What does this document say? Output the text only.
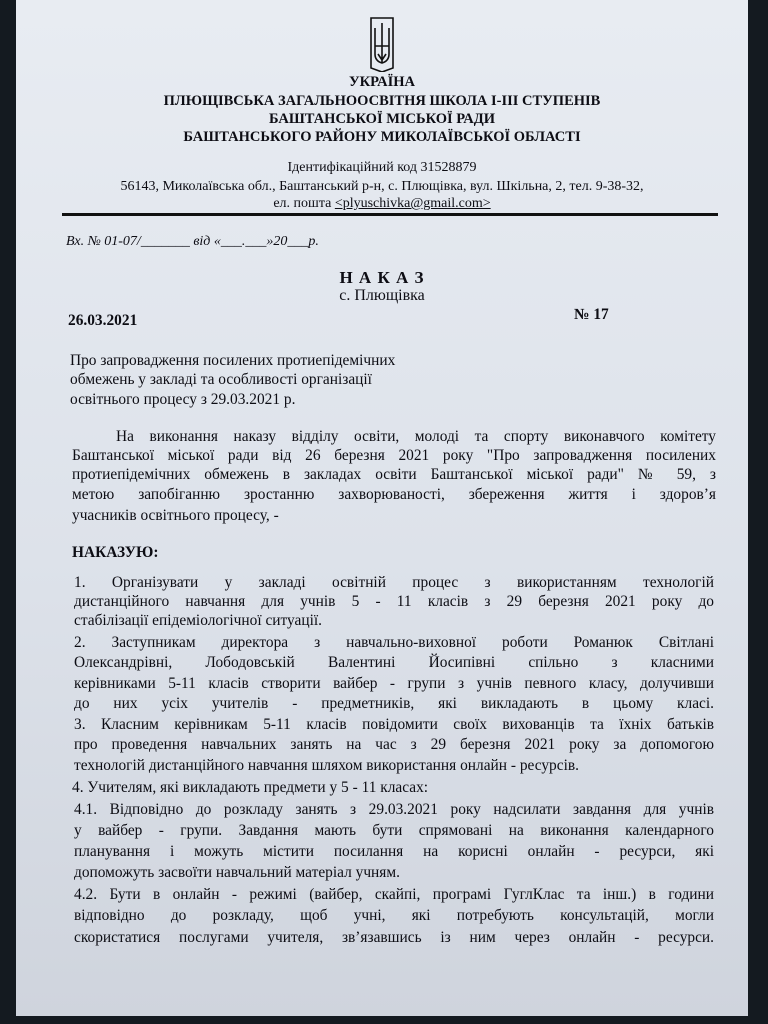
УКРАЇНА
ПЛЮЩІВСЬКА ЗАГАЛЬНООСВІТНЯ ШКОЛА І-ІІІ СТУПЕНІВ
БАШТАНСЬКОЇ МІСЬКОЇ РАДИ
БАШТАНСЬКОГО РАЙОНУ МИКОЛАЇВСЬКОЇ ОБЛАСТІ
Ідентифікаційний код 31528879
56143, Миколаївська обл., Баштанський р-н, с. Плющівка, вул. Шкільна, 2, тел. 9-38-32,
ел. пошта <plyuschivka@gmail.com>
Вх. № 01-07/_______ від «___.___»20___р.
Н А К А З
с. Плющівка
26.03.2021	№ 17
Про запровадження посилених протиепідемічних
обмежень у закладі та особливості організації
освітнього процесу з 29.03.2021 р.
На виконання наказу відділу освіти, молоді та спорту виконавчого комітету
Баштанської міської ради від 26 березня 2021 року "Про запровадження посилених
протиепідемічних обмежень в закладах освіти Баштанської міської ради" № 59, з
метою запобіганню зростанню захворюваності, збереження життя і здоров’я
учасників освітнього процесу, -
НАКАЗУЮ:
1. Організувати у закладі освітній процес з використанням технологій
дистанційного навчання для учнів 5 - 11 класів з 29 березня 2021 року до
стабілізації епідеміологічної ситуації.
2. Заступникам директора з навчально-виховної роботи Романюк Світлані
Олександрівні, Лободовській Валентині Йосипівні спільно з класними
керівниками 5-11 класів створити вайбер - групи з учнів певного класу, долучивши
до них усіх учителів - предметників, які викладають в цьому класі.
3. Класним керівникам 5-11 класів повідомити своїх вихованців та їхніх батьків
про проведення навчальних занять на час з 29 березня 2021 року за допомогою
технологій дистанційного навчання шляхом використання онлайн - ресурсів.
4. Учителям, які викладають предмети у 5 - 11 класах:
4.1. Відповідно до розкладу занять з 29.03.2021 року надсилати завдання для учнів
у вайбер - групи. Завдання мають бути спрямовані на виконання календарного
планування і можуть містити посилання на корисні онлайн - ресурси, які
допоможуть засвоїти навчальний матеріал учням.
4.2. Бути в онлайн - режимі (вайбер, скайпі, програмі ГуглКлас та інш.) в години
відповідно до розкладу, щоб учні, які потребують консультацій, могли
скористатися послугами учителя, зв’язавшись із ним через онлайн - ресурси.
